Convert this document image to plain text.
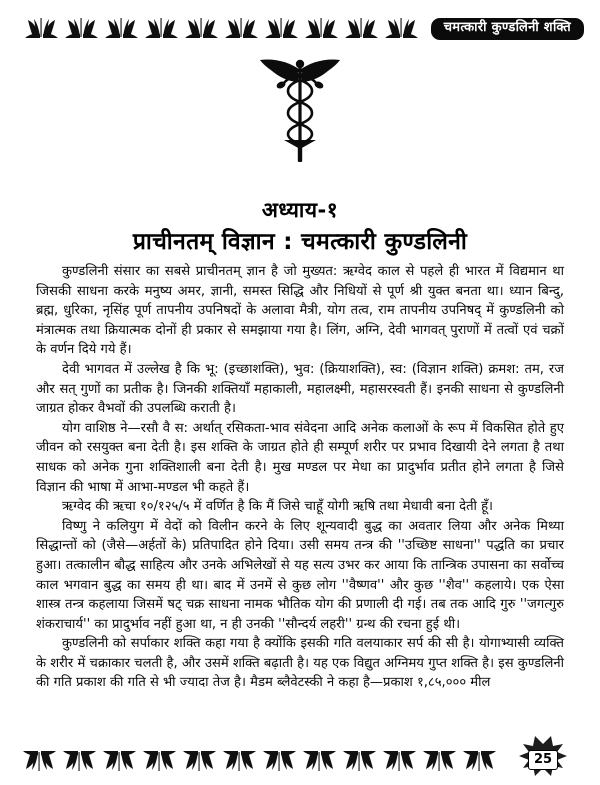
चमत्कारी कुण्डलिनी शक्ति
अध्याय-१
प्राचीनतम् विज्ञान : चमत्कारी कुण्डलिनी

कुण्डलिनी संसार का सबसे प्राचीनतम् ज्ञान है जो मुख्यत: ऋग्वेद काल से पहले ही भारत में विद्यमान था जिसकी साधना करके मनुष्य अमर, ज्ञानी, समस्त सिद्धि और निधियों से पूर्ण श्री युक्त बनता था। ध्यान बिन्दु, ब्रह्म, धुरिका, नृसिंह पूर्ण तापनीय उपनिषदों के अलावा मैत्री, योग तत्व, राम तापनीय उपनिषद् में कुण्डलिनी को मंत्रात्मक तथा क्रियात्मक दोनों ही प्रकार से समझाया गया है। लिंग, अग्नि, देवी भागवत् पुराणों में तत्वों एवं चक्रों के वर्णन दिये गये हैं।

देवी भागवत में उल्लेख है कि भू: (इच्छाशक्ति), भुव: (क्रियाशक्ति), स्व: (विज्ञान शक्ति) क्रमश: तम, रज और सत् गुणों का प्रतीक है। जिनकी शक्तियाँ महाकाली, महालक्ष्मी, महासरस्वती हैं। इनकी साधना से कुण्डलिनी जाग्रत होकर वैभवों की उपलब्धि कराती है।

योग वाशिष्ठ ने—रसौ वै स: अर्थात् रसिकता-भाव संवेदना आदि अनेक कलाओं के रूप में विकसित होते हुए जीवन को रसयुक्त बना देती है। इस शक्ति के जाग्रत होते ही सम्पूर्ण शरीर पर प्रभाव दिखायी देने लगता है तथा साधक को अनेक गुना शक्तिशाली बना देती है। मुख मण्डल पर मेधा का प्रादुर्भाव प्रतीत होने लगता है जिसे विज्ञान की भाषा में आभा-मण्डल भी कहते हैं।

ऋग्वेद की ऋचा १०/१२५/५ में वर्णित है कि मैं जिसे चाहूँ योगी ऋषि तथा मेधावी बना देती हूँ।

विष्णु ने कलियुग में वेदों को विलीन करने के लिए शून्यवादी बुद्ध का अवतार लिया और अनेक मिथ्या सिद्धान्तों को (जैसे—अर्हतों के) प्रतिपादित होने दिया। उसी समय तन्त्र की ''उच्छिष्ट साधना'' पद्धति का प्रचार हुआ। तत्कालीन बौद्ध साहित्य और उनके अभिलेखों से यह सत्य उभर कर आया कि तान्त्रिक उपासना का सर्वोच्च काल भगवान बुद्ध का समय ही था। बाद में उनमें से कुछ लोग ''वैष्णव'' और कुछ ''शैव'' कहलाये। एक ऐसा शास्त्र तन्त्र कहलाया जिसमें षट् चक्र साधना नामक भौतिक योग की प्रणाली दी गई। तब तक आदि गुरु ''जगत्गुरु शंकराचार्य'' का प्रादुर्भाव नहीं हुआ था, न ही उनकी ''सौन्दर्य लहरी'' ग्रन्थ की रचना हुई थी।

कुण्डलिनी को सर्पाकार शक्ति कहा गया है क्योंकि इसकी गति वलयाकार सर्प की सी है। योगाभ्यासी व्यक्ति के शरीर में चक्राकार चलती है, और उसमें शक्ति बढ़ाती है। यह एक विद्युत अग्निमय गुप्त शक्ति है। इस कुण्डलिनी की गति प्रकाश की गति से भी ज्यादा तेज है। मैडम ब्लैवेटस्की ने कहा है—प्रकाश १,८५,००० मील

25
